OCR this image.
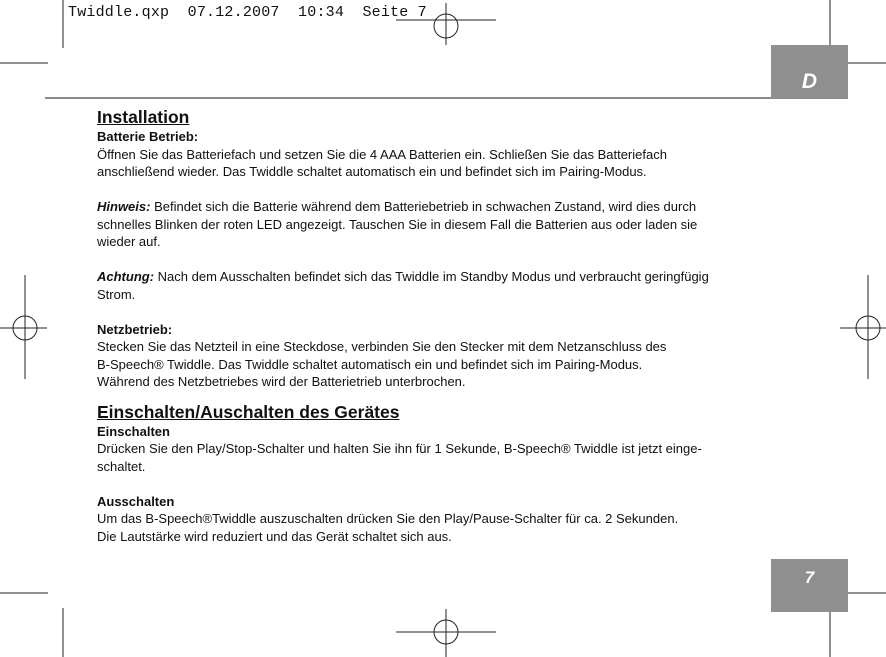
Twiddle.qxp  07.12.2007  10:34  Seite 7
D
7
Installation
Batterie Betrieb:
Öffnen Sie das Batteriefach und setzen Sie die 4 AAA Batterien ein. Schließen Sie das Batteriefach
anschließend wieder. Das Twiddle schaltet automatisch ein und befindet sich im Pairing-Modus.
Hinweis: Befindet sich die Batterie während dem Batteriebetrieb in schwachen Zustand, wird dies durch
schnelles Blinken der roten LED angezeigt. Tauschen Sie in diesem Fall die Batterien aus oder laden sie
wieder auf.
Achtung: Nach dem Ausschalten befindet sich das Twiddle im Standby Modus und verbraucht geringfügig
Strom.
Netzbetrieb:
Stecken Sie das Netzteil in eine Steckdose, verbinden Sie den Stecker mit dem Netzanschluss des
B-Speech® Twiddle. Das Twiddle schaltet automatisch ein und befindet sich im Pairing-Modus.
Während des Netzbetriebes wird der Batterietrieb unterbrochen.
Einschalten/Auschalten des Gerätes
Einschalten
Drücken Sie den Play/Stop-Schalter und halten Sie ihn für 1 Sekunde, B-Speech® Twiddle ist jetzt einge-
schaltet.
Ausschalten
Um das B-Speech®Twiddle auszuschalten drücken Sie den Play/Pause-Schalter für ca. 2 Sekunden.
Die Lautstärke wird reduziert und das Gerät schaltet sich aus.
